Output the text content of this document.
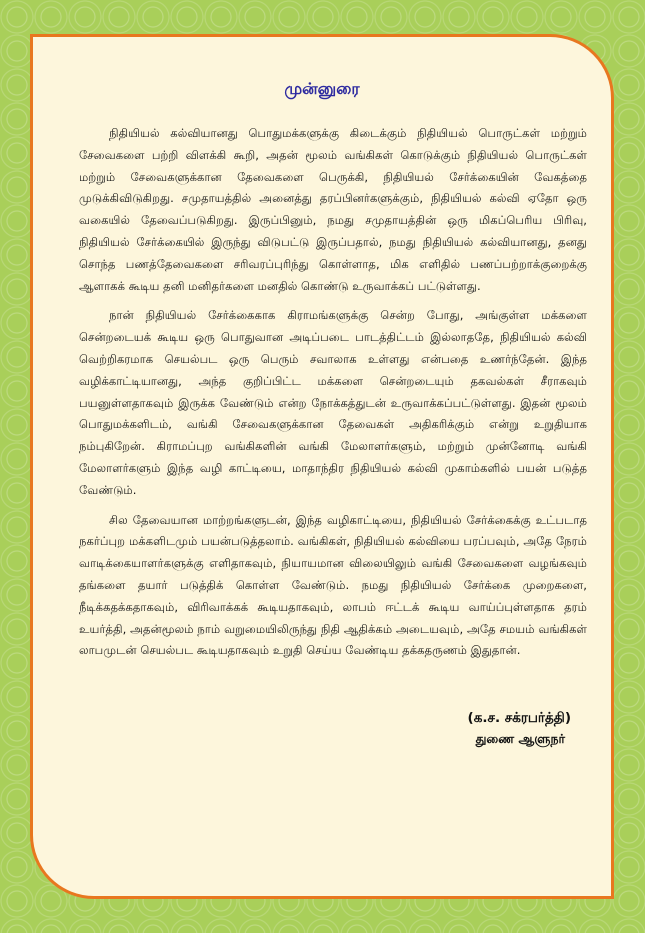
முன்னுரை

நிதியியல் கல்வியானது பொதுமக்களுக்கு கிடைக்கும் நிதியியல் பொருட்கள் மற்றும் சேவைகளை பற்றி விளக்கி கூறி, அதன் மூலம் வங்கிகள் கொடுக்கும் நிதியியல் பொருட்கள் மற்றும் சேவைகளுக்கான தேவைகளை பெருக்கி, நிதியியல் சேர்க்கையின் வேகத்தை முடுக்கிவிடுகிறது. சமுதாயத்தில் அனைத்து தரப்பினர்களுக்கும், நிதியியல் கல்வி ஏதோ ஒரு வகையில் தேவைப்படுகிறது. இருப்பினும், நமது சமுதாயத்தின் ஒரு மிகப்பெரிய பிரிவு, நிதியியல் சேர்க்கையில் இருந்து விடுபட்டு இருப்பதால், நமது நிதியியல் கல்வியானது, தனது சொந்த பணத்தேவைகளை சரிவரப்புரிந்து கொள்ளாத, மிக எளிதில் பணப்பற்றாக்குறைக்கு ஆளாகக் கூடிய தனி மனிதர்களை மனதில் கொண்டு உருவாக்கப் பட்டுள்ளது.

நான் நிதியியல் சேர்க்கைகாக கிராமங்களுக்கு சென்ற போது, அங்குள்ள மக்களை சென்றடையக் கூடிய ஒரு பொதுவான அடிப்படை பாடத்திட்டம் இல்லாததே, நிதியியல் கல்வி வெற்றிகரமாக செயல்பட ஒரு பெரும் சவாலாக உள்ளது என்பதை உணர்ந்தேன். இந்த வழிக்காட்டியானது, அந்த குறிப்பிட்ட மக்களை சென்றடையும் தகவல்கள் சீராகவும் பயனுள்ளதாகவும் இருக்க வேண்டும் என்ற நோக்கத்துடன் உருவாக்கப்பட்டுள்ளது. இதன் மூலம் பொதுமக்களிடம், வங்கி சேவைகளுக்கான தேவைகள் அதிகரிக்கும் என்று உறுதியாக நம்புகிறேன். கிராமப்புற வங்கிகளின் வங்கி மேலாளர்களும், மற்றும் முன்னோடி வங்கி மேலாளர்களும் இந்த வழி காட்டியை, மாதாந்திர நிதியியல் கல்வி முகாம்களில் பயன் படுத்த வேண்டும்.

சில தேவையான மாற்றங்களுடன், இந்த வழிகாட்டியை, நிதியியல் சேர்க்கைக்கு உட்படாத நகர்ப்புற மக்களிடமும் பயன்படுத்தலாம். வங்கிகள், நிதியியல் கல்வியை பரப்பவும், அதே நேரம் வாடிக்கையாளர்களுக்கு எளிதாகவும், நியாயமான விலையிலும் வங்கி சேவைகளை வழங்கவும் தங்களை தயார் படுத்திக் கொள்ள வேண்டும். நமது நிதியியல் சேர்க்கை முறைகளை, நீடிக்கதக்கதாகவும், விரிவாக்கக் கூடியதாகவும், லாபம் ஈட்டக் கூடிய வாய்ப்புள்ளதாக தரம் உயர்த்தி, அதன்மூலம் நாம் வறுமையிலிருந்து நிதி ஆதிக்கம் அடையவும், அதே சமயம் வங்கிகள் லாபமுடன் செயல்பட கூடியதாகவும் உறுதி செய்ய வேண்டிய தக்கதருணம் இதுதான்.

(க.ச. சக்ரபர்த்தி)
துணை ஆளுநர்
